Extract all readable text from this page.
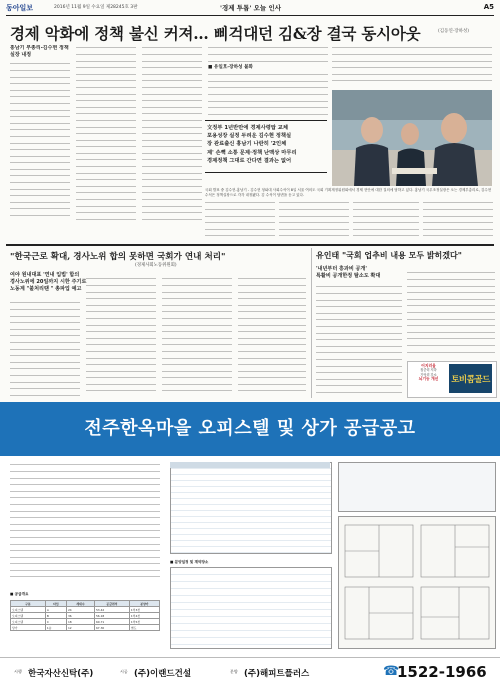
동아일보	2016년 11월 9일 수요일 제28245호 3판	'경제 투톱' 오늘 인사	A5
경제 악화에 정책 불신 커져… 삐걱대던 김&장 결국 동시아웃	(김동연·장하성)
홍남기 부총리-김수현 정책실장 내정
■ 유일호-장하성 불화
文정부 1년반만에 경제사령탑 교체
포용성장 실정 두려운 김수현 정책실
장 관료출신 홍남기 나란히 '2인체
제' 손뼉 소통 문제·정책 난맥상 마무리
경제정책 그대로 간다면 결과는 없어
국회 발표 중 김수현-홍남기 - 김수현 청와대 사회수석이 8일 서울 여의도 국회 기획재정위원회에서 경제 현안에 대한 질의에 답하고 있다. 홍남기 국무조정실장은 오는 경제부총리로, 김수현 수석은 정책실장으로 각각 내정됐다. 김 수석이 답변을 듣고 있다.
"한국근로 확대, 경사노위 합의 못하면 국회가 연내 처리"
(경제사회노동위원회)
여야 원내대표 '연내 입법' 합의
경사노위에 20일까지 시한 주기로
노동계 "불처리땐 " 총파업 예고
유인태 "국회 업추비 내용 모두 밝히겠다"
'내년부터 흥과비 공개'
특활비 공개한정 탈소도 확대
어지러움
집중력 저하
기억력 감소
뇌기능 개선	토비콤골드
전주한옥마을 오피스텔 및 상가 공급공고
■ 공급개요
구분	타입	세대수	공급면적	분양가
오피스텔	A	24	53.42	1억3천
오피스텔	B	36	56.18	1억4천
오피스텔	C	18	60.71	1억5천
상가	1층	12	67.30	별도
■ 분양일정 및 계약장소
시행 한국자산신탁(주)	시공 (주)이랜드건설	분양 (주)해피트플러스	☎
1522-1966
